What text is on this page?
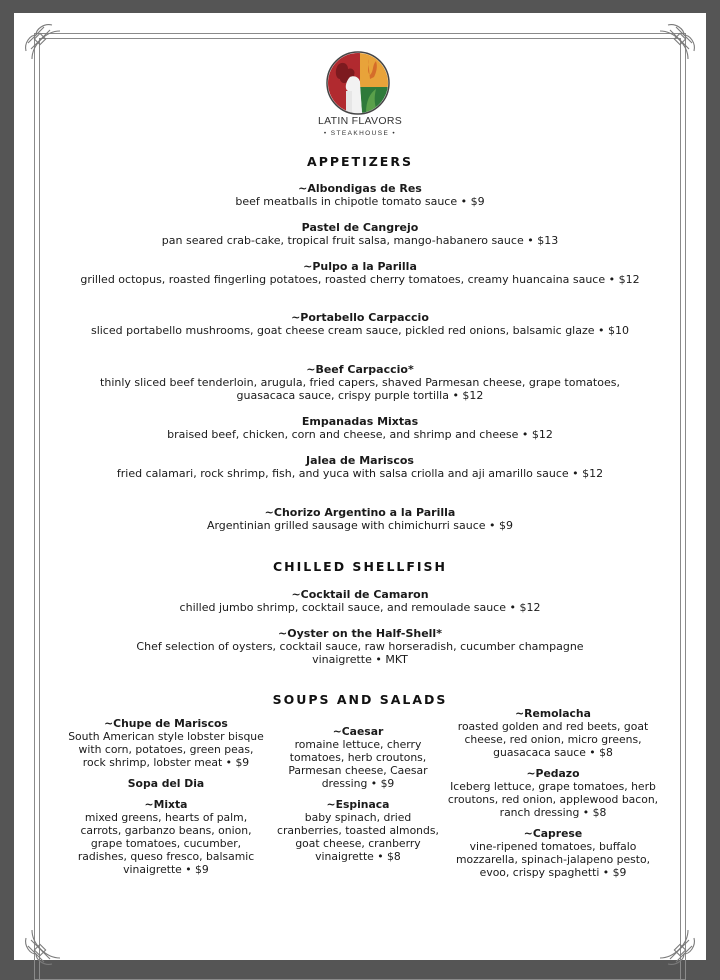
LATIN FLAVORS
• STEAKHOUSE •
APPETIZERS
~Albondigas de Res
beef meatballs in chipotle tomato sauce • $9
Pastel de Cangrejo
pan seared crab-cake, tropical fruit salsa, mango-habanero sauce • $13
~Pulpo a la Parilla
grilled octopus, roasted fingerling potatoes, roasted cherry tomatoes, creamy huancaina sauce • $12
~Portabello Carpaccio
sliced portabello mushrooms, goat cheese cream sauce, pickled red onions, balsamic glaze • $10
~Beef Carpaccio*
thinly sliced beef tenderloin, arugula, fried capers, shaved Parmesan cheese, grape tomatoes, guasacaca sauce, crispy purple tortilla • $12
Empanadas Mixtas
braised beef, chicken, corn and cheese, and shrimp and cheese • $12
Jalea de Mariscos
fried calamari, rock shrimp, fish, and yuca with salsa criolla and aji amarillo sauce • $12
~Chorizo Argentino a la Parilla
Argentinian grilled sausage with chimichurri sauce • $9
CHILLED SHELLFISH
~Cocktail de Camaron
chilled jumbo shrimp, cocktail sauce, and remoulade sauce • $12
~Oyster on the Half-Shell*
Chef selection of oysters, cocktail sauce, raw horseradish, cucumber champagne vinaigrette • MKT
SOUPS AND SALADS
~Chupe de Mariscos
South American style lobster bisque with corn, potatoes, green peas, rock shrimp, lobster meat • $9
Sopa del Dia
~Mixta
mixed greens, hearts of palm, carrots, garbanzo beans, onion, grape tomatoes, cucumber, radishes, queso fresco, balsamic vinaigrette • $9
~Caesar
romaine lettuce, cherry tomatoes, herb croutons, Parmesan cheese, Caesar dressing • $9
~Espinaca
baby spinach, dried cranberries, toasted almonds, goat cheese, cranberry vinaigrette • $8
~Remolacha
roasted golden and red beets, goat cheese, red onion, micro greens, guasacaca sauce • $8
~Pedazo
Iceberg lettuce, grape tomatoes, herb croutons, red onion, applewood bacon, ranch dressing • $8
~Caprese
vine-ripened tomatoes, buffalo mozzarella, spinach-jalapeno pesto, evoo, crispy spaghetti • $9
